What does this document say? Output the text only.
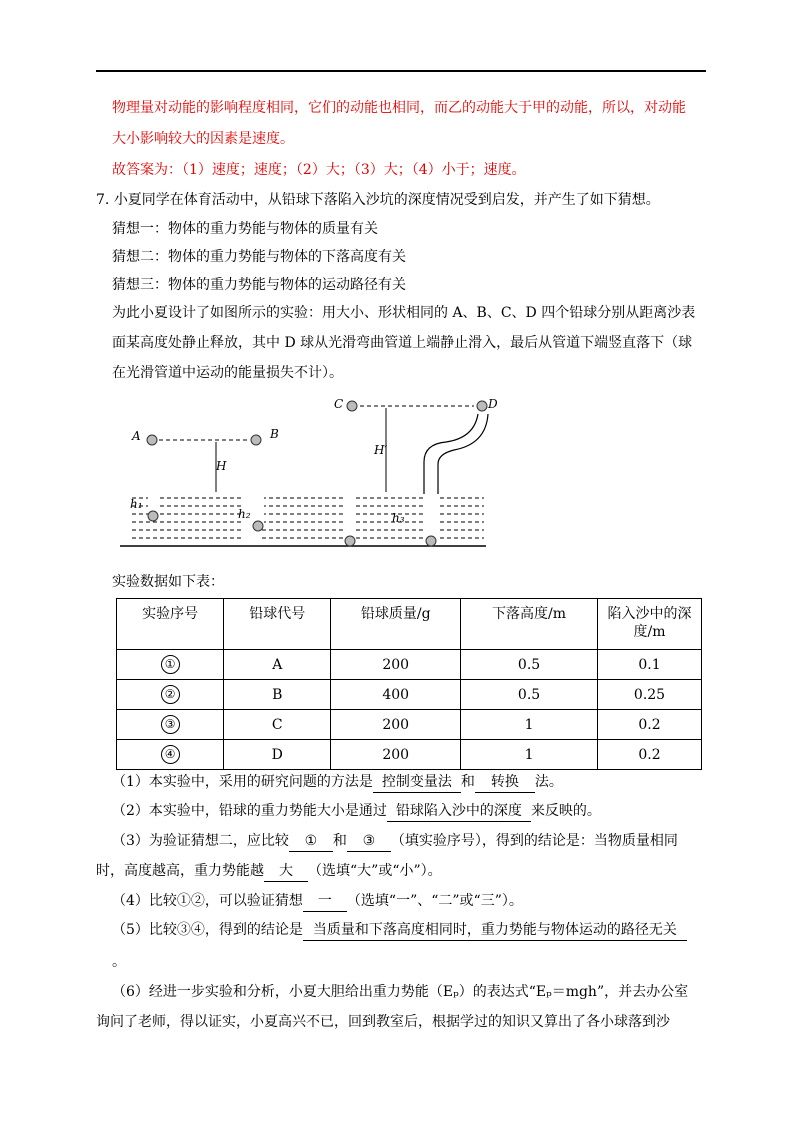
物理量对动能的影响程度相同，它们的动能也相同，而乙的动能大于甲的动能，所以，对动能
大小影响较大的因素是速度。
故答案为：（1）速度；速度；（2）大；（3）大；（4）小于；速度。
7. 小夏同学在体育活动中，从铅球下落陷入沙坑的深度情况受到启发，并产生了如下猜想。
猜想一：物体的重力势能与物体的质量有关
猜想二：物体的重力势能与物体的下落高度有关
猜想三：物体的重力势能与物体的运动路径有关
为此小夏设计了如图所示的实验：用大小、形状相同的 A、B、C、D 四个铅球分别从距离沙表
面某高度处静止释放，其中 D 球从光滑弯曲管道上端静止滑入，最后从管道下端竖直落下（球
在光滑管道中运动的能量损失不计）。
A	B
H
h₁
h₂	h₃
C	D
H′
实验数据如下表：
实验序号	铅球代号	铅球质量/g	下落高度/m	陷入沙中的深度/m
①	A	200	0.5	0.1
②	B	400	0.5	0.25
③	C	200	1	0.2
④	D	200	1	0.2
（1）本实验中，采用的研究问题的方法是 控制变量法 和 转换 法。
（2）本实验中，铅球的重力势能大小是通过 铅球陷入沙中的深度 来反映的。
（3）为验证猜想二，应比较 ① 和 ③ （填实验序号），得到的结论是：当物质量相同
时，高度越高，重力势能越 大 （选填“大”或“小”）。
（4）比较①②，可以验证猜想 一 （选填“一”、“二”或“三”）。
（5）比较③④，得到的结论是 当质量和下落高度相同时，重力势能与物体运动的路径无关
。
（6）经进一步实验和分析，小夏大胆给出重力势能（Eₚ）的表达式“Eₚ＝mgh”，并去办公室
询问了老师，得以证实，小夏高兴不已，回到教室后，根据学过的知识又算出了各小球落到沙
